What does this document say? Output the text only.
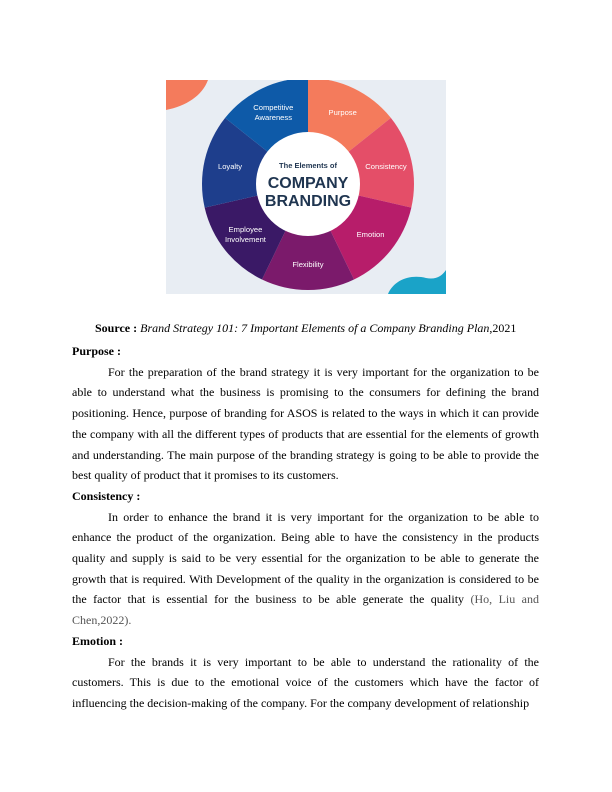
Purpose
Consistency
Emotion
Flexibility
Employee
Involvement
Loyalty
Competitive
Awareness
The Elements of
COMPANY
BRANDING
Source : Brand Strategy 101: 7 Important Elements of a Company Branding Plan,2021

Purpose :

For the preparation of the brand strategy it is very important for the organization to be able to understand what the business is promising to the consumers for defining the brand positioning. Hence, purpose of branding for ASOS is related to the ways in which it can provide the company with all the different types of products that are essential for the elements of growth and understanding. The main purpose of the branding strategy is going to be able to provide the best quality of product that it promises to its customers.

Consistency :

In order to enhance the brand it is very important for the organization to be able to enhance the product of the organization. Being able to have the consistency in the products quality and supply is said to be very essential for the organization to be able to generate the growth that is required. With Development of the quality in the organization is considered to be the factor that is essential for the business to be able generate the quality (Ho, Liu and Chen,2022).

Emotion :

For the brands it is very important to be able to understand the rationality of the customers. This is due to the emotional voice of the customers which have the factor of influencing the decision-making of the company. For the company development of relationship
